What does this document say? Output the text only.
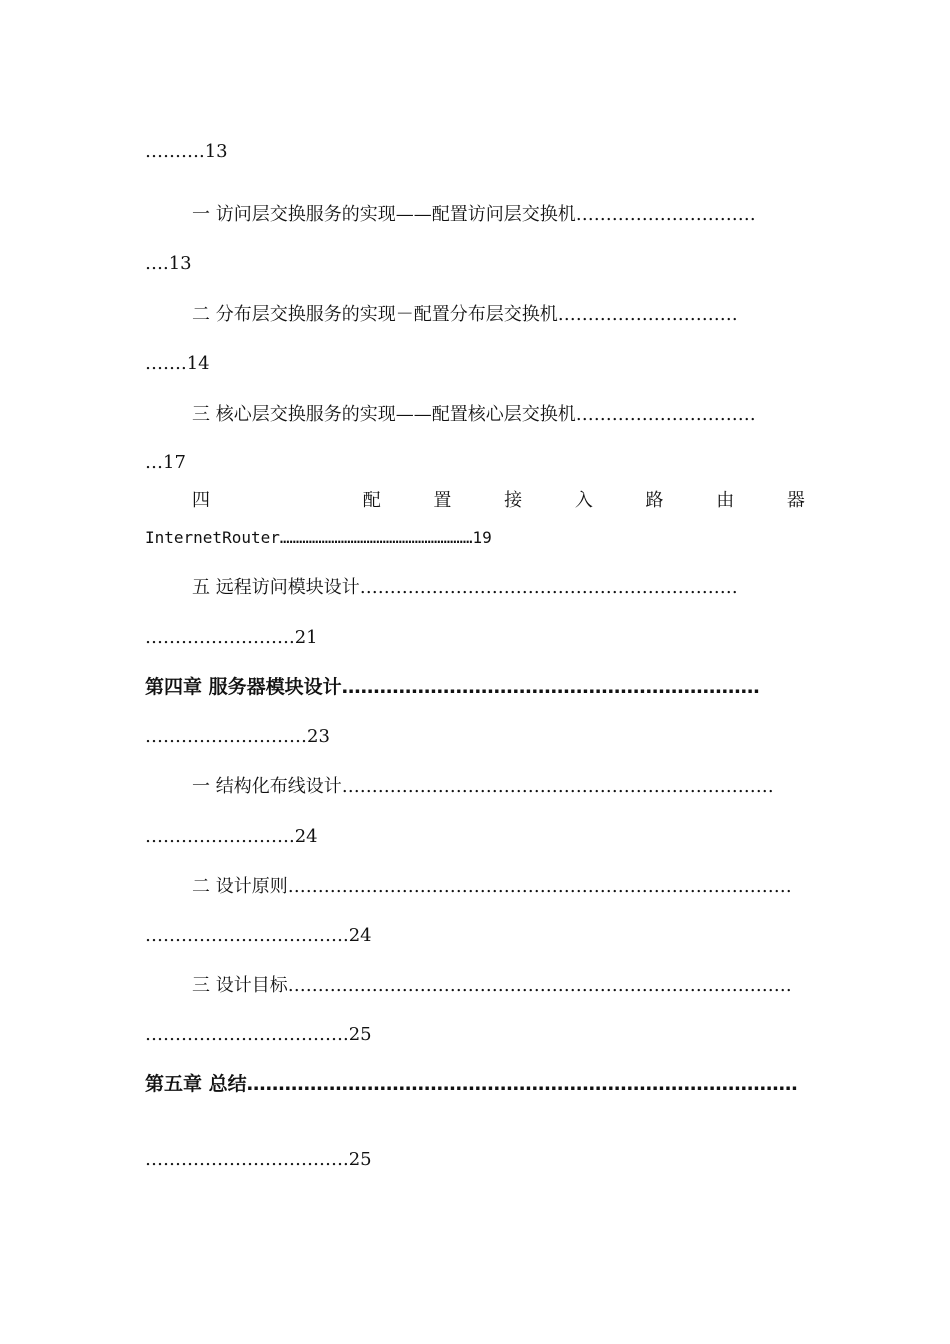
……….13
一 访问层交换服务的实现——配置访问层交换机…………………………
….13
二 分布层交换服务的实现－配置分布层交换机…………………………
…….14
三 核心层交换服务的实现——配置核心层交换机…………………………
…17
四	配	置	接	入	路	由	器
InternetRouter……………………………………………………19
五 远程访问模块设计………………………………………………………
…………………….21
第四章 服务器模块设计…………………………………………………………
………………………23
一 结构化布线设计………………………………………………………………
…………………….24
二 设计原则…………………………………………………………………………
…………………………….24
三 设计目标…………………………………………………………………………
…………………………….25
第五章 总结……………………………………………………………………………
…………………………….25
